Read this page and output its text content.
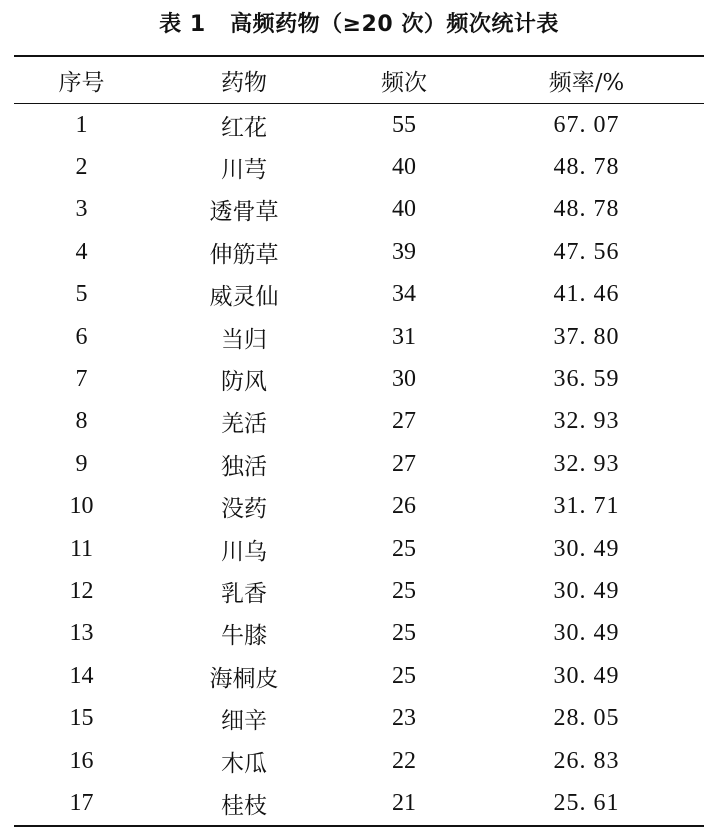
表 1 高频药物（≥20 次）频次统计表
序号	药物	频次	频率/%
1	红花	55	67. 07
2	川芎	40	48. 78
3	透骨草	40	48. 78
4	伸筋草	39	47. 56
5	威灵仙	34	41. 46
6	当归	31	37. 80
7	防风	30	36. 59
8	羌活	27	32. 93
9	独活	27	32. 93
10	没药	26	31. 71
11	川乌	25	30. 49
12	乳香	25	30. 49
13	牛膝	25	30. 49
14	海桐皮	25	30. 49
15	细辛	23	28. 05
16	木瓜	22	26. 83
17	桂枝	21	25. 61
